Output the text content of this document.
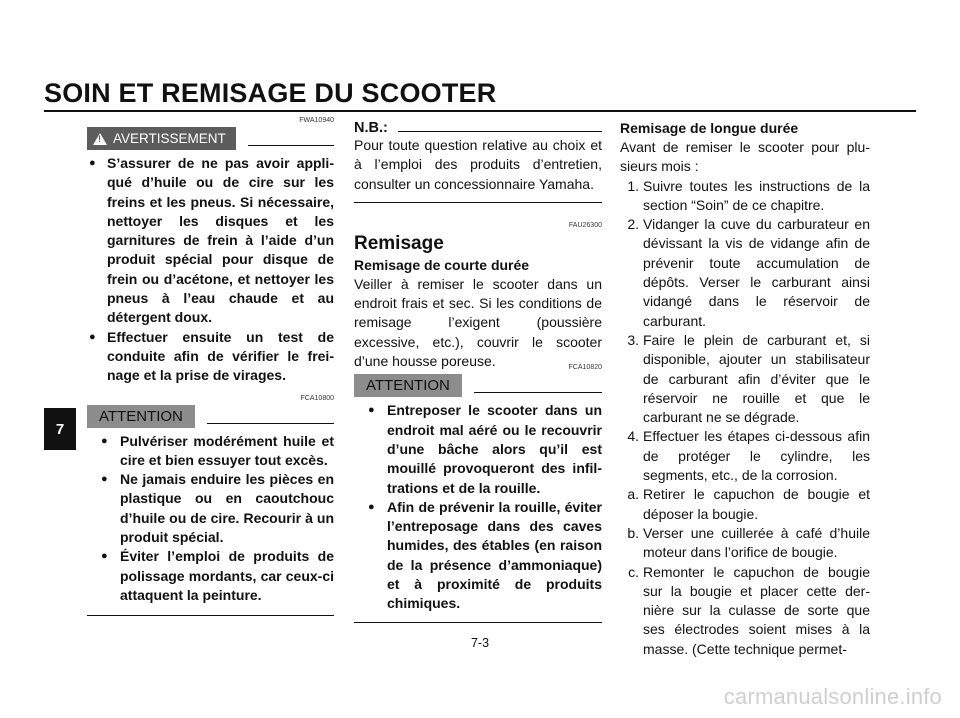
SOIN ET REMISAGE DU SCOOTER
7

FWA10940

!
AVERTISSEMENT
● S’assurer de ne pas avoir appliqué d’huile ou de cire sur les freins et les pneus. Si nécessaire, nettoyer les disques et les garnitures de frein à l’aide d’un produit spécial pour disque de frein ou d’acétone, et nettoyer les pneus à l’eau chaude et au détergent doux.
● Effectuer ensuite un test de conduite afin de vérifier le freinage et la prise de virages.

FCA10800

ATTENTION
● Pulvériser modérément huile et cire et bien essuyer tout excès.
● Ne jamais enduire les pièces en plastique ou en caoutchouc d’huile ou de cire. Recourir à un produit spécial.
● Éviter l’emploi de produits de polissage mordants, car ceux-ci attaquent la peinture.
N.B.:

Pour toute question relative au choix et à l’emploi des produits d’entretien, consulter un concessionnaire Yamaha.

FAU26300

Remisage
Remisage de courte durée

Veiller à remiser le scooter dans un endroit frais et sec. Si les conditions de remisage l’exigent (poussière excessive, etc.), couvrir le scooter d’une housse poreuse.	FCA10820

ATTENTION
● Entreposer le scooter dans un endroit mal aéré ou le recouvrir d’une bâche alors qu’il est mouillé provoqueront des infiltrations et de la rouille.
● Afin de prévenir la rouille, éviter l’entreposage dans des caves humides, des étables (en raison de la présence d’ammoniaque) et à proximité de produits chimiques.
Remisage de longue durée

Avant de remiser le scooter pour plusieurs mois :

1. Suivre toutes les instructions de la section “Soin” de ce chapitre.
2. Vidanger la cuve du carburateur en dévissant la vis de vidange afin de prévenir toute accumulation de dépôts. Verser le carburant ainsi vidangé dans le réservoir de carburant.
3. Faire le plein de carburant et, si disponible, ajouter un stabilisateur de carburant afin d’éviter que le réservoir ne rouille et que le carburant ne se dégrade.
4. Effectuer les étapes ci-dessous afin de protéger le cylindre, les segments, etc., de la corrosion.
a. Retirer le capuchon de bougie et déposer la bougie.
b. Verser une cuillerée à café d’huile moteur dans l’orifice de bougie.
c. Remonter le capuchon de bougie sur la bougie et placer cette dernière sur la culasse de sorte que ses électrodes soient mises à la masse. (Cette technique permet-
7-3
carmanualsonline.info
